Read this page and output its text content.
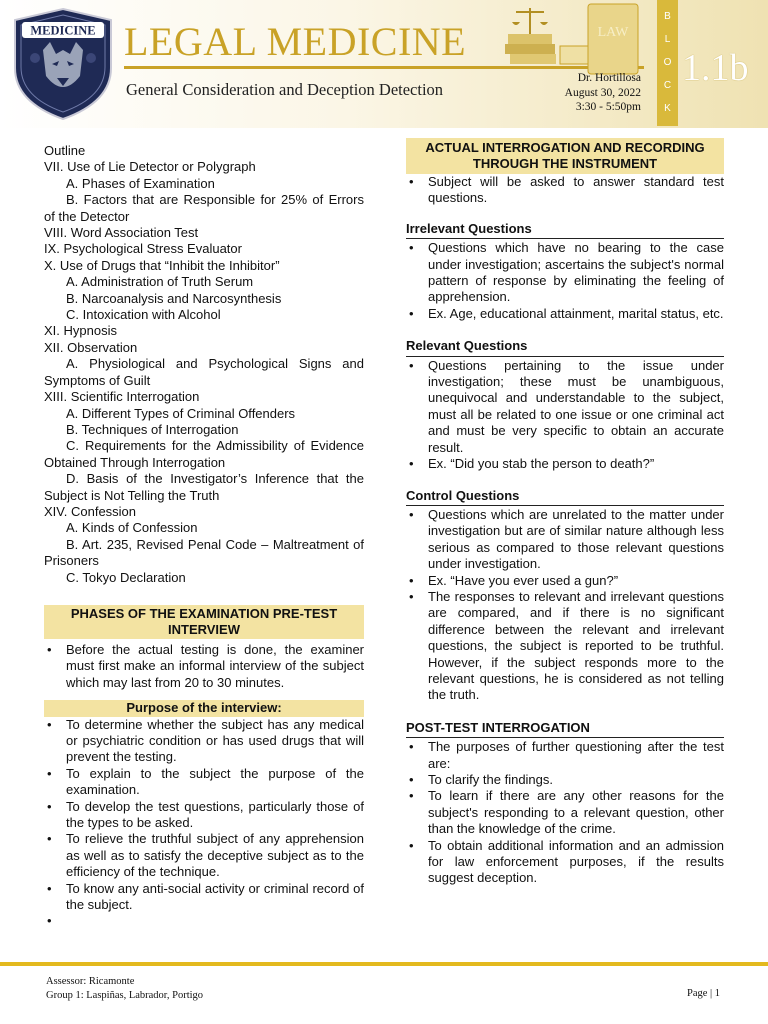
MEDICINE LEGAL MEDICINE
General Consideration and Deception Detection
LAW
Dr. Hortillosa
August 30, 2022
3:30 - 5:50pm
B
L
O
C
K
1.1b
Outline
VII. Use of Lie Detector or Polygraph
A. Phases of Examination
B. Factors that are Responsible for 25% of Errors of the Detector
VIII. Word Association Test
IX. Psychological Stress Evaluator
X. Use of Drugs that “Inhibit the Inhibitor”
A. Administration of Truth Serum
B. Narcoanalysis and Narcosynthesis
C. Intoxication with Alcohol
XI. Hypnosis
XII. Observation
A. Physiological and Psychological Signs and Symptoms of Guilt
XIII. Scientific Interrogation
A. Different Types of Criminal Offenders
B. Techniques of Interrogation
C. Requirements for the Admissibility of Evidence Obtained Through Interrogation
D. Basis of the Investigator’s Inference that the Subject is Not Telling the Truth
XIV. Confession
A. Kinds of Confession
B. Art. 235, Revised Penal Code – Maltreatment of Prisoners
C. Tokyo Declaration
PHASES OF THE EXAMINATION PRE-TEST INTERVIEW
• Before the actual testing is done, the examiner must first make an informal interview of the subject which may last from 20 to 30 minutes.
Purpose of the interview:
• To determine whether the subject has any medical or psychiatric condition or has used drugs that will prevent the testing.
• To explain to the subject the purpose of the examination.
• To develop the test questions, particularly those of the types to be asked.
• To relieve the truthful subject of any apprehension as well as to satisfy the deceptive subject as to the efficiency of the technique.
• To know any anti-social activity or criminal record of the subject.
•
ACTUAL INTERROGATION AND RECORDING THROUGH THE INSTRUMENT
• Subject will be asked to answer standard test questions.
Irrelevant Questions
• Questions which have no bearing to the case under investigation; ascertains the subject's normal pattern of response by eliminating the feeling of apprehension.
• Ex. Age, educational attainment, marital status, etc.
Relevant Questions
• Questions pertaining to the issue under investigation; these must be unambiguous, unequivocal and understandable to the subject, must all be related to one issue or one criminal act and must be very specific to obtain an accurate result.
• Ex. “Did you stab the person to death?”
Control Questions
• Questions which are unrelated to the matter under investigation but are of similar nature although less serious as compared to those relevant questions under investigation.
• Ex. “Have you ever used a gun?”
• The responses to relevant and irrelevant questions are compared, and if there is no significant difference between the relevant and irrelevant questions, the subject is reported to be truthful. However, if the subject responds more to the relevant questions, he is considered as not telling the truth.
POST-TEST INTERROGATION
• The purposes of further questioning after the test are:
• To clarify the findings.
• To learn if there are any other reasons for the subject's responding to a relevant question, other than the knowledge of the crime.
• To obtain additional information and an admission for law enforcement purposes, if the results suggest deception.
Assessor: Ricamonte
Group 1: Laspiñas, Labrador, Portigo	Page | 1
